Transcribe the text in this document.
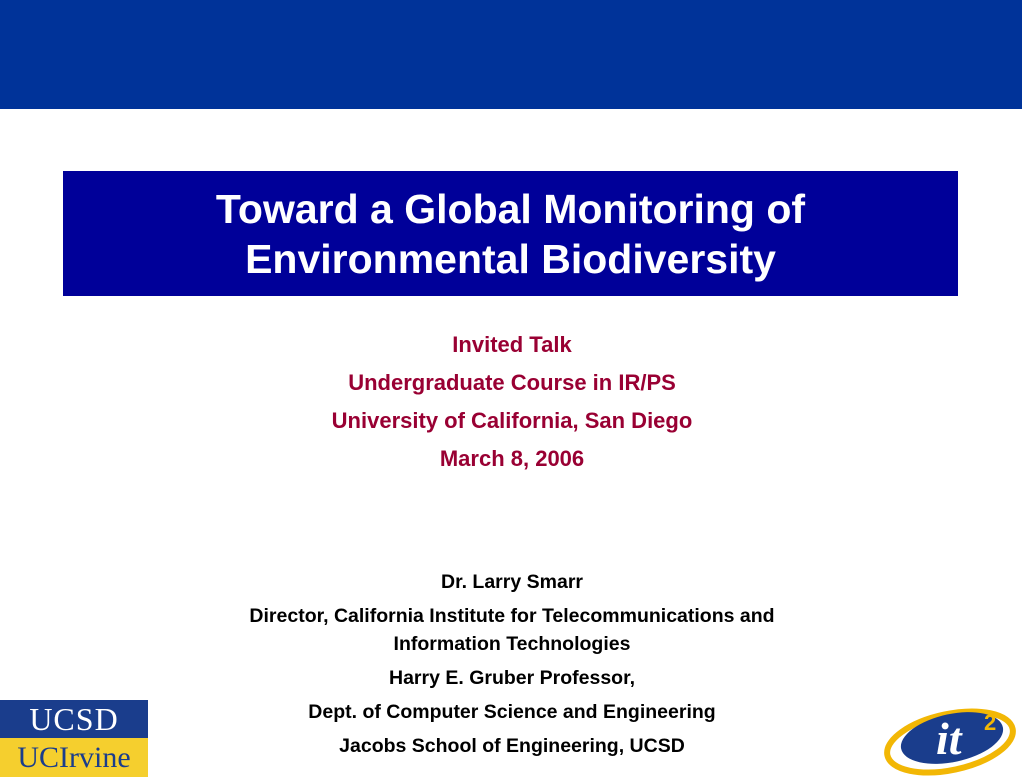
Toward a Global Monitoring of
Environmental Biodiversity
Invited Talk
Undergraduate Course in IR/PS
University of California, San Diego
March 8, 2006
Dr. Larry Smarr
Director, California Institute for Telecommunications and
Information Technologies
Harry E. Gruber Professor,
Dept. of Computer Science and Engineering
Jacobs School of Engineering, UCSD
UCSD
UCIrvine	it 2
